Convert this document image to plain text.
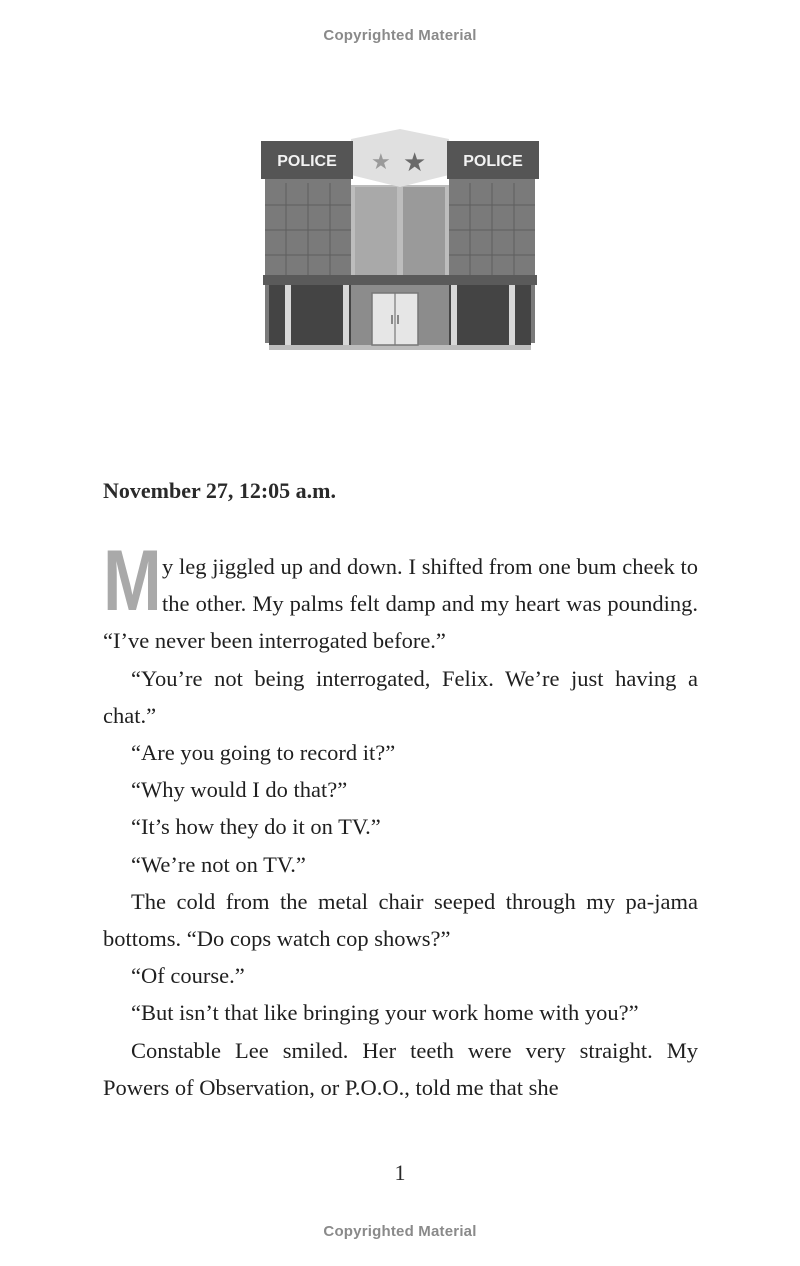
Copyrighted Material
★ ★
POLICE	POLICE
November 27, 12:05 a.m.

M y leg jiggled up and down. I shifted from one bum cheek to the other. My palms felt damp and my heart was pounding. “I’ve never been interrogated before.”

“You’re not being interrogated, Felix. We’re just having a chat.”

“Are you going to record it?”

“Why would I do that?”

“It’s how they do it on TV.”

“We’re not on TV.”

The cold from the metal chair seeped through my pa-jama bottoms. “Do cops watch cop shows?”

“Of course.”

“But isn’t that like bringing your work home with you?”

Constable Lee smiled. Her teeth were very straight. My Powers of Observation, or P.O.O., told me that she

1
Copyrighted Material
